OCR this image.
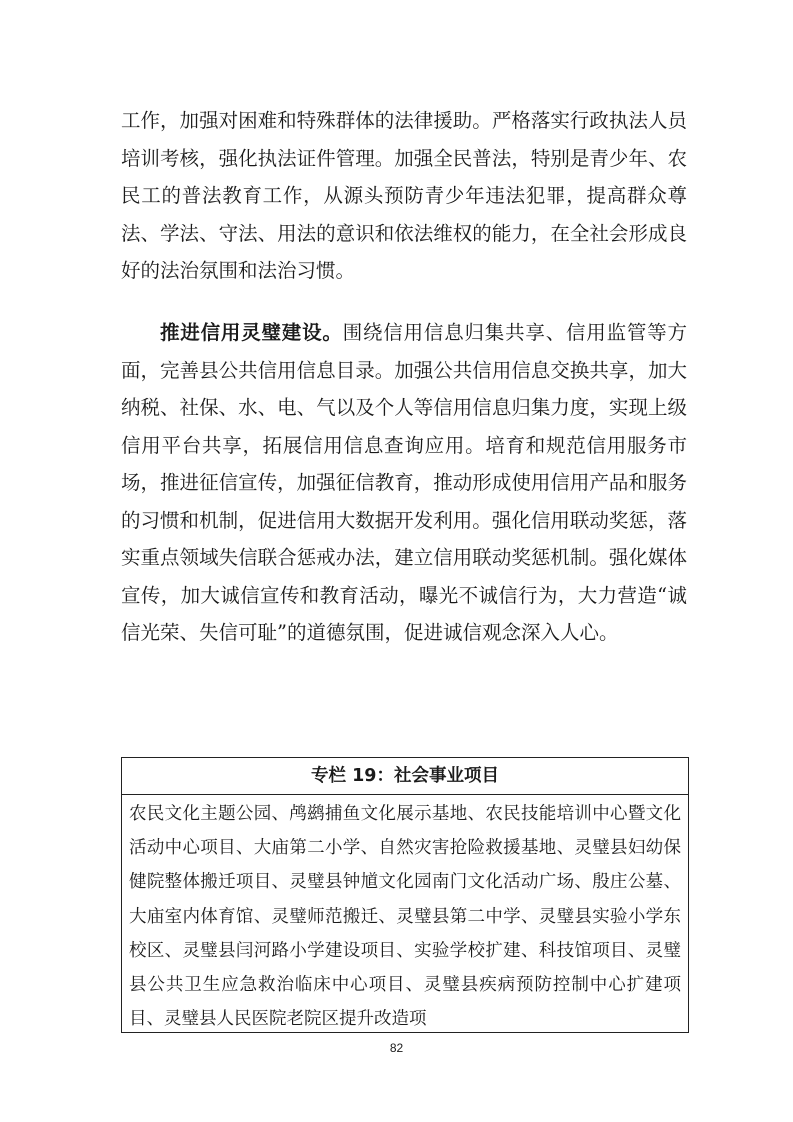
工作，加强对困难和特殊群体的法律援助。严格落实行政执法人员培训考核，强化执法证件管理。加强全民普法，特别是青少年、农民工的普法教育工作，从源头预防青少年违法犯罪，提高群众尊法、学法、守法、用法的意识和依法维权的能力，在全社会形成良好的法治氛围和法治习惯。

推进信用灵璧建设。围绕信用信息归集共享、信用监管等方面，完善县公共信用信息目录。加强公共信用信息交换共享，加大纳税、社保、水、电、气以及个人等信用信息归集力度，实现上级信用平台共享，拓展信用信息查询应用。培育和规范信用服务市场，推进征信宣传，加强征信教育，推动形成使用信用产品和服务的习惯和机制，促进信用大数据开发利用。强化信用联动奖惩，落实重点领域失信联合惩戒办法，建立信用联动奖惩机制。强化媒体宣传，加大诚信宣传和教育活动，曝光不诚信行为，大力营造“诚信光荣、失信可耻”的道德氛围，促进诚信观念深入人心。

专栏 19：社会事业项目
农民文化主题公园、鸬鹚捕鱼文化展示基地、农民技能培训中心暨文化活动中心项目、大庙第二小学、自然灾害抢险救援基地、灵璧县妇幼保健院整体搬迁项目、灵璧县钟馗文化园南门文化活动广场、殷庄公墓、大庙室内体育馆、灵璧师范搬迁、灵璧县第二中学、灵璧县实验小学东校区、灵璧县闫河路小学建设项目、实验学校扩建、科技馆项目、灵璧县公共卫生应急救治临床中心项目、灵璧县疾病预防控制中心扩建项目、灵璧县人民医院老院区提升改造项
82
